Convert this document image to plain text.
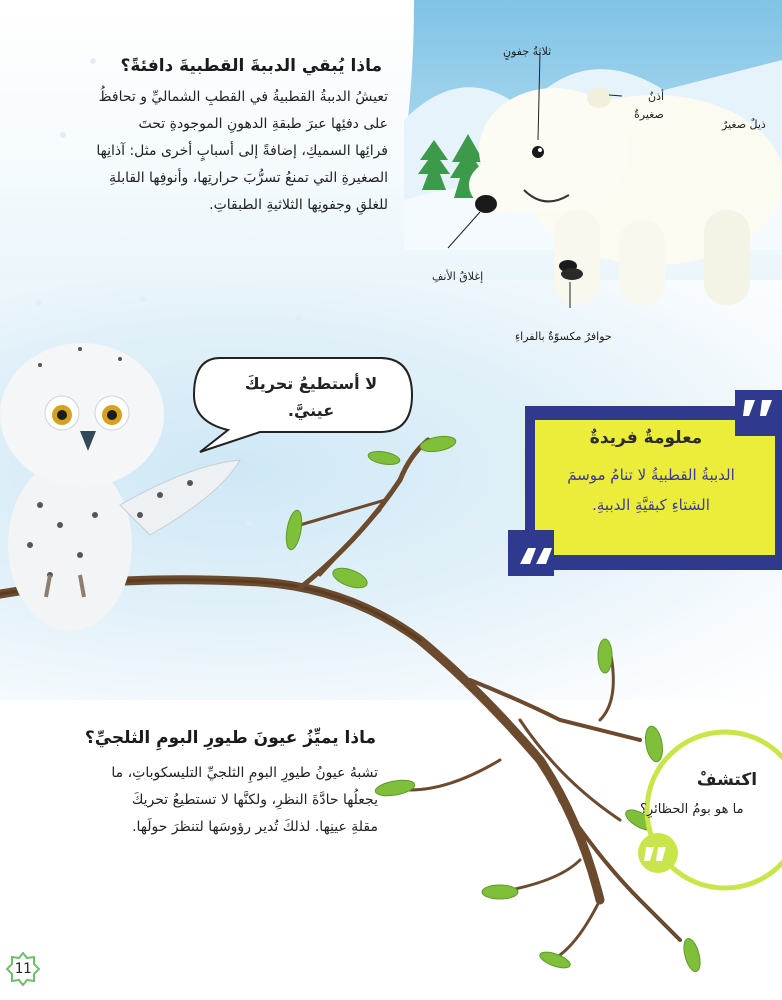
ثلاثةُ جفونٍ
أذنٌ
صغيرةٌ
ذيلٌ صغيرٌ
إغلاقُ الأنفِ
حوافرُ مكسوّةٌ بالفراءِ
ماذا يُبقي الدببةَ القطبيةَ دافئةً؟

تعيشُ الدببةُ القطبيةُ في القطبِ الشماليِّ و تحافظُ

على دفئِها عبرَ طبقةِ الدهونِ الموجودةِ تحتَ

فرائِها السميكِ، إضافةً إلى أسبابٍ أخرى مثل: آذانِها

الصغيرةِ التي تمنعُ تسرُّبَ حرارتِها، وأنوفِها القابلةِ

للغلقِ وجفونِها الثلاثيةِ الطبقاتِ.

لا أستطيعُ تحريكَ
عينيَّ.
معلومةٌ فريدةٌ

الدببةُ القطبيةُ لا تنامُ موسمَ

الشتاءِ كبقيَّةِ الدببةِ.

ماذا يميِّزُ عيونَ طيورِ البومِ الثلجيِّ؟

تشبهُ عيونُ طيورِ البومِ الثلجيِّ التليسكوباتِ، ما

يجعلُها حادَّةَ النظرِ، ولكنَّها لا تستطيعُ تحريكَ

مقلةِ عينِها. لذلكَ تُدير رؤوسَها لتنظرَ حولَها.

اكتشفْ
ما هو بومُ الحظائرِ؟
11
